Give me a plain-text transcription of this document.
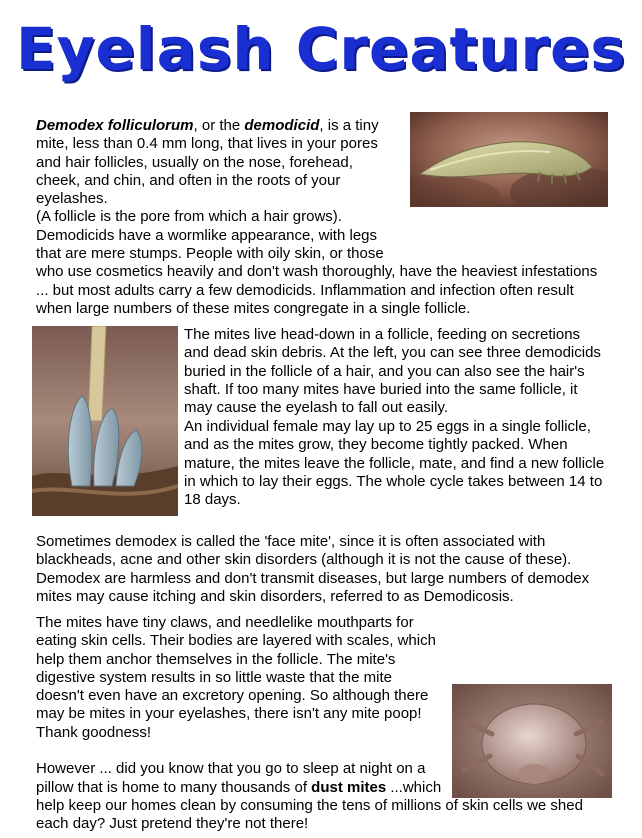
Eyelash Creatures

Demodex folliculorum, or the demodicid, is a tiny mite, less than 0.4 mm long, that lives in your pores and hair follicles, usually on the nose, forehead, cheek, and chin, and often in the roots of your eyelashes.
(A follicle is the pore from which a hair grows).
Demodicids have a wormlike appearance, with legs that are mere stumps. People with oily skin, or those who use cosmetics heavily and don't wash thoroughly, have the heaviest infestations ... but most adults carry a few demodicids. Inflammation and infection often result when large numbers of these mites congregate in a single follicle.

The mites live head-down in a follicle, feeding on secretions and dead skin debris. At the left, you can see three demodicids buried in the follicle of a hair, and you can also see the hair's shaft. If too many mites have buried into the same follicle, it may cause the eyelash to fall out easily.

An individual female may lay up to 25 eggs in a single follicle, and as the mites grow, they become tightly packed. When mature, the mites leave the follicle, mate, and find a new follicle in which to lay their eggs. The whole cycle takes between 14 to 18 days.

Sometimes demodex is called the 'face mite', since it is often associated with blackheads, acne and other skin disorders (although it is not the cause of these). Demodex are harmless and don't transmit diseases, but large numbers of demodex mites may cause itching and skin disorders, referred to as Demodicosis.

The mites have tiny claws, and needlelike mouthparts for eating skin cells. Their bodies are layered with scales, which help them anchor themselves in the follicle. The mite's digestive system results in so little waste that the mite doesn't even have an excretory opening. So although there may be mites in your eyelashes, there isn't any mite poop! Thank goodness!

However ... did you know that you go to sleep at night on a pillow that is home to many thousands of dust mites ...which help keep our homes clean by consuming the tens of millions of skin cells we shed each day? Just pretend they're not there!
